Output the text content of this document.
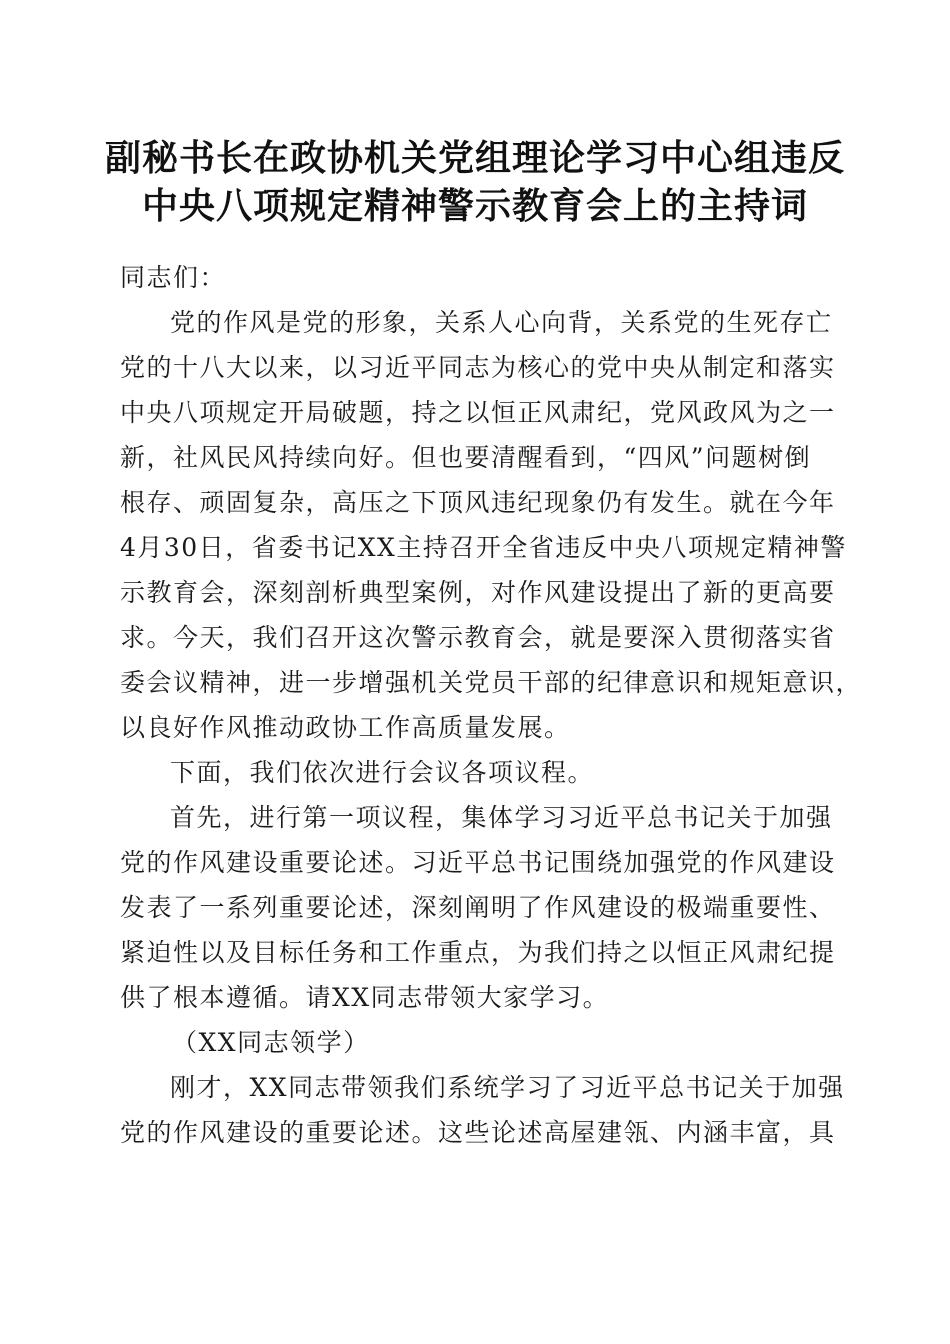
副秘书长在政协机关党组理论学习中心组违反
中央八项规定精神警示教育会上的主持词
同志们：
党的作风是党的形象，关系人心向背，关系党的生死存亡
党的十八大以来，以习近平同志为核心的党中央从制定和落实
中央八项规定开局破题，持之以恒正风肃纪，党风政风为之一
新，社风民风持续向好。但也要清醒看到，“四风”问题树倒
根存、顽固复杂，高压之下顶风违纪现象仍有发生。就在今年
4月30日，省委书记XX主持召开全省违反中央八项规定精神警
示教育会，深刻剖析典型案例，对作风建设提出了新的更高要
求。今天，我们召开这次警示教育会，就是要深入贯彻落实省
委会议精神，进一步增强机关党员干部的纪律意识和规矩意识，
以良好作风推动政协工作高质量发展。
下面，我们依次进行会议各项议程。
首先，进行第一项议程，集体学习习近平总书记关于加强
党的作风建设重要论述。习近平总书记围绕加强党的作风建设
发表了一系列重要论述，深刻阐明了作风建设的极端重要性、
紧迫性以及目标任务和工作重点，为我们持之以恒正风肃纪提
供了根本遵循。请XX同志带领大家学习。
（XX同志领学）
刚才，XX同志带领我们系统学习了习近平总书记关于加强
党的作风建设的重要论述。这些论述高屋建瓴、内涵丰富，具
